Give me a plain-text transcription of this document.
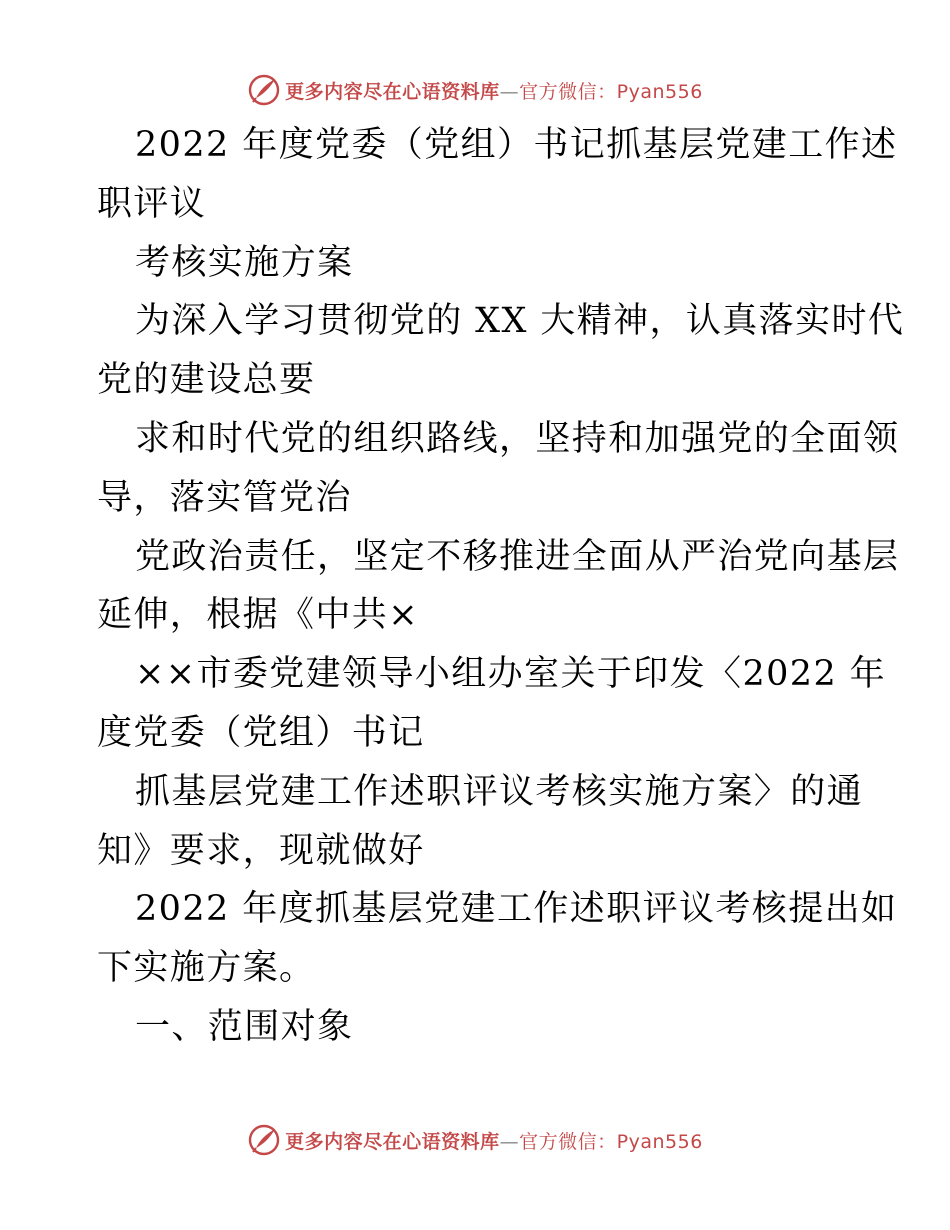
更多内容尽在心语资料库—官方微信：Pyan556
2022 年度党委（党组）书记抓基层党建工作述
职评议
考核实施方案
为深入学习贯彻党的 XX 大精神，认真落实时代
党的建设总要
求和时代党的组织路线，坚持和加强党的全面领
导，落实管党治
党政治责任，坚定不移推进全面从严治党向基层
延伸，根据《中共×
××市委党建领导小组办室关于印发〈2022 年
度党委（党组）书记
抓基层党建工作述职评议考核实施方案〉的通
知》要求，现就做好
2022 年度抓基层党建工作述职评议考核提出如
下实施方案。
一、范围对象
更多内容尽在心语资料库—官方微信：Pyan556
